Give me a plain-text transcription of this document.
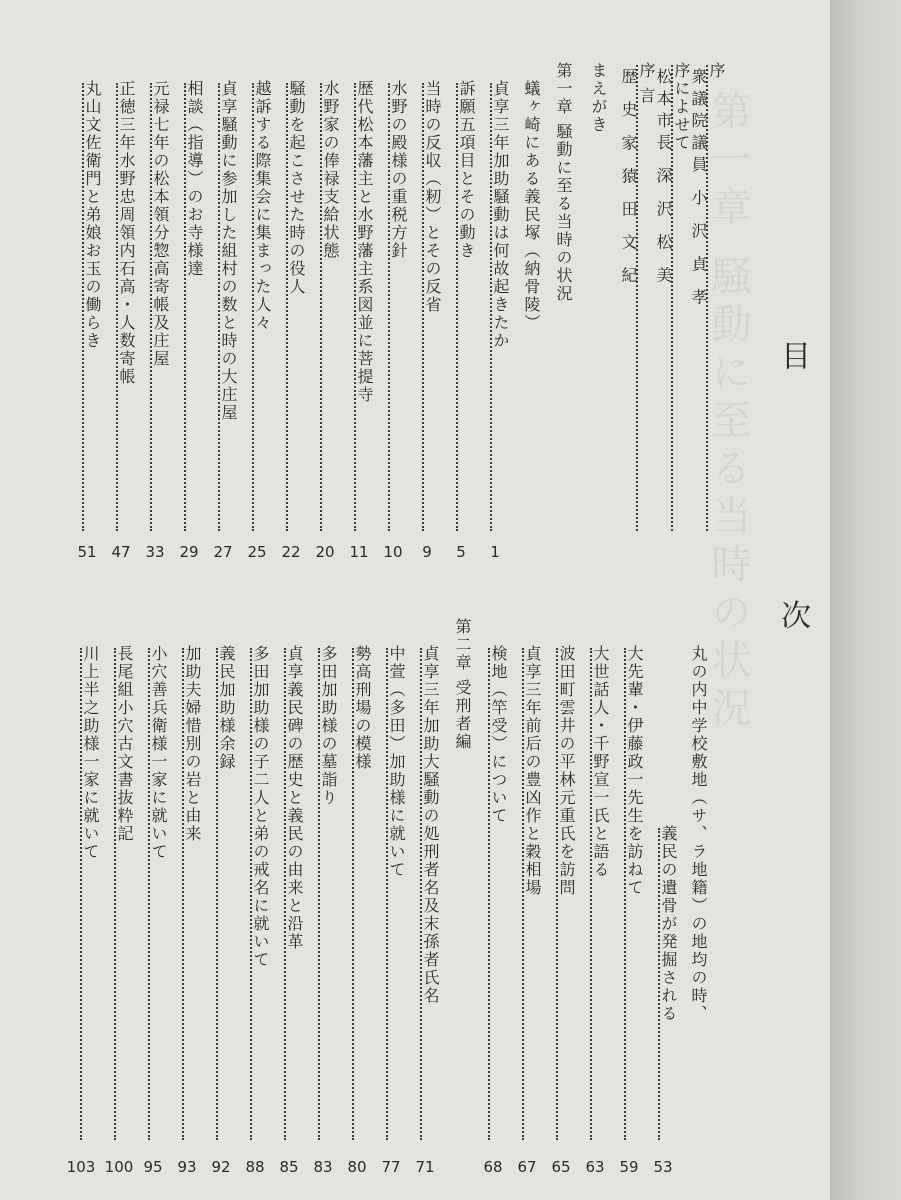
第一章 騒動に至る当時の状況 目 次
序
衆議院議員 小 沢 貞 孝
序によせて
松本市長 深 沢 松 美
序 言
歴 史 家 猿 田 文 紀
まえがき
第一章 騒動に至る当時の状況
蟻ヶ崎にある義民塚（納骨陵）
貞享三年加助騒動は何故起きたか
訴願五項目とその動き
当時の反収（籾）とその反省
水野の殿様の重税方針
歴代松本藩主と水野藩主系図並に菩提寺
水野家の俸禄支給状態
騒動を起こさせた時の役人
越訴する際集会に集まった人々
貞享騒動に参加した組村の数と時の大庄屋
相談（指導）のお寺様達
元禄七年の松本領分惣高寄帳及庄屋
正徳三年水野忠周領内石高・人数寄帳
丸山文佐衛門と弟娘お玉の働らき
1
5
9
10
11
20
22
25
27
29
33
47
51
丸の内中学校敷地（サ、ラ地籍）の地均の時、
義民の遺骨が発掘される
大先輩・伊藤政一先生を訪ねて
大世話人・千野宣一氏と語る
波田町雲井の平林元重氏を訪問
貞享三年前后の豊凶作と穀相場
検地（竿受）について
貞享三年加助大騒動の処刑者名及末孫者氏名 第二章 受刑者編
中萱（多田）加助様に就いて
勢高刑場の模様
多田加助様の墓詣り
貞享義民碑の歴史と義民の由来と沿革
多田加助様の子二人と弟の戒名に就いて
義民加助様余録
加助夫婦惜別の岩と由来
小穴善兵衛様一家に就いて
長尾組小穴古文書抜粋記
川上半之助様一家に就いて
53
59
63
65
67
68
71
77
80
83
85
88
92
93
95
100
103
